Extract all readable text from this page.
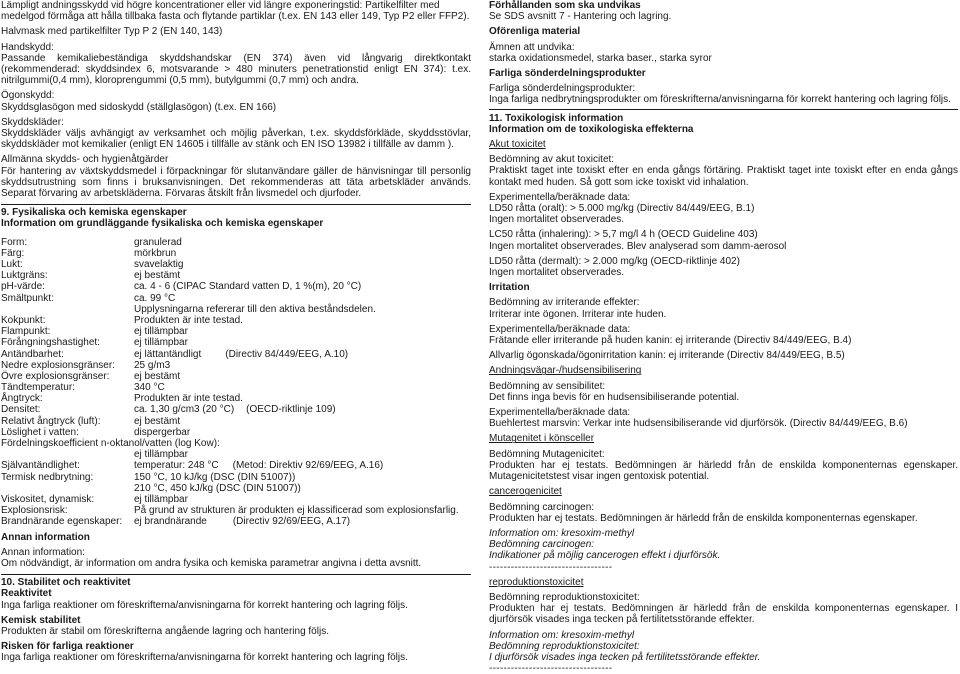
Lämpligt andningsskydd vid högre koncentrationer eller vid längre exponeringstid: Partikelfilter med
medelgod förmåga att hålla tillbaka fasta och flytande partiklar (t.ex. EN 143 eller 149, Typ P2 eller FFP2).

Halvmask med partikelfilter Typ P 2 (EN 140, 143)

Handskydd:

Passande kemikaliebeständiga skyddshandskar (EN 374) även vid långvarig direktkontakt (rekommenderad: skyddsindex 6, motsvarande > 480 minuters penetrationstid enligt EN 374): t.ex. nitrilgummi(0,4 mm), kloroprengummi (0,5 mm), butylgummi (0,7 mm) och andra.

Ögonskydd:

Skyddsglasögon med sidoskydd (ställglasögon) (t.ex. EN 166)

Skyddskläder:

Skyddskläder väljs avhängigt av verksamhet och möjlig påverkan, t.ex. skyddsförkläde, skyddsstövlar, skyddskläder mot kemikalier (enligt EN 14605 i tillfälle av stänk och EN ISO 13982 i tillfälle av damm ).

Allmänna skydds- och hygienåtgärder

För hantering av växtskyddsmedel i förpackningar för slutanvändare gäller de hänvisningar till personlig skyddsutrustning som finns i bruksanvisningen. Det rekommenderas att täta arbetskläder används. Separat förvaring av arbetskläderna. Förvaras åtskilt från livsmedel och djurfoder.

9. Fysikaliska och kemiska egenskaper

Information om grundläggande fysikaliska och kemiska egenskaper

Form:	granulerad
Färg:	mörkbrun
Lukt:	svavelaktig
Luktgräns:	ej bestämt
pH-värde:	ca. 4 - 6 (CIPAC Standard vatten D, 1 %(m), 20 °C)
Smältpunkt:	ca. 99 °C
Upplysningarna refererar till den aktiva beståndsdelen.
Kokpunkt:	Produkten är inte testad.
Flampunkt:	ej tillämpbar
Förångningshastighet:	ej tillämpbar
Antändbarhet:	ej lättantändligt (Directiv 84/449/EEG, A.10)
Nedre explosionsgränser:	25 g/m3
Övre explosionsgränser:	ej bestämt
Tändtemperatur:	340 °C
Ångtryck:	Produkten är inte testad.
Densitet:	ca. 1,30 g/cm3 (20 °C) (OECD-riktlinje 109)
Relativt ångtryck (luft):	ej bestämt
Löslighet i vatten:	dispergerbar
Fördelningskoefficient n-oktanol/vatten (log Kow):
ej tillämpbar
Självantändlighet:	temperatur: 248 °C (Metod: Direktiv 92/69/EEG, A.16)
Termisk nedbrytning:	150 °C, 10 kJ/kg (DSC (DIN 51007))
210 °C, 450 kJ/kg (DSC (DIN 51007))
Viskositet, dynamisk:	ej tillämpbar
Explosionsrisk:	På grund av strukturen är produkten ej klassificerad som explosionsfarlig.
Brandnärande egenskaper:	ej brandnärande	(Directiv 92/69/EEG, A.17)

Annan information

Annan information:

Om nödvändigt, är information om andra fysika och kemiska parametrar angivna i detta avsnitt.

10. Stabilitet och reaktivitet

Reaktivitet

Inga farliga reaktioner om föreskrifterna/anvisningarna för korrekt hantering och lagring följs.

Kemisk stabilitet

Produkten är stabil om föreskrifterna angående lagring och hantering följs.

Risken för farliga reaktioner

Inga farliga reaktioner om föreskrifterna/anvisningarna för korrekt hantering och lagring följs.

Förhållanden som ska undvikas

Se SDS avsnitt 7 - Hantering och lagring.

Oförenliga material

Ämnen att undvika:

starka oxidationsmedel, starka baser., starka syror

Farliga sönderdelningsprodukter

Farliga sönderdelningsprodukter:

Inga farliga nedbrytningsprodukter om föreskrifterna/anvisningarna för korrekt hantering och lagring följs.

11. Toxikologisk information

Information om de toxikologiska effekterna

Akut toxicitet

Bedömning av akut toxicitet:

Praktiskt taget inte toxiskt efter en enda gångs förtäring. Praktiskt taget inte toxiskt efter en enda gångs kontakt med huden. Så gott som icke toxiskt vid inhalation.

Experimentella/beräknade data:

LD50 råtta (oralt): > 5.000 mg/kg (Directiv 84/449/EEG, B.1)

Ingen mortalitet observerades.

LC50 råtta (inhalering): > 5,7 mg/l 4 h (OECD Guideline 403)

Ingen mortalitet observerades. Blev analyserad som damm-aerosol

LD50 råtta (dermalt): > 2.000 mg/kg (OECD-riktlinje 402)

Ingen mortalitet observerades.

Irritation

Bedömning av irriterande effekter:

Irriterar inte ögonen. Irriterar inte huden.

Experimentella/beräknade data:

Frätande eller irriterande på huden kanin: ej irriterande (Directiv 84/449/EEG, B.4)

Allvarlig ögonskada/ögonirritation kanin: ej irriterande (Directiv 84/449/EEG, B.5)

Andningsvägar-/hudsensibilisering

Bedömning av sensibilitet:

Det finns inga bevis för en hudsensibiliserande potential.

Experimentella/beräknade data:

Buehlertest marsvin: Verkar inte hudsensibiliserande vid djurförsök. (Directiv 84/449/EEG, B.6)

Mutagenitet i könsceller

Bedömning Mutagenicitet:

Produkten har ej testats. Bedömningen är härledd från de enskilda komponenternas egenskaper. Mutagenicitetstest visar ingen gentoxisk potential.

cancerogenicitet

Bedömning carcinogen:

Produkten har ej testats. Bedömningen är härledd från de enskilda komponenternas egenskaper.

Information om: kresoxim-methyl

Bedömning carcinogen:

Indikationer på möjlig cancerogen effekt i djurförsök.

----------------------------------

reproduktionstoxicitet

Bedömning reproduktionstoxicitet:

Produkten har ej testats. Bedömningen är härledd från de enskilda komponenternas egenskaper. I djurförsök visades inga tecken på fertilitetsstörande effekter.

Information om: kresoxim-methyl

Bedömning reproduktionstoxicitet:

I djurförsök visades inga tecken på fertilitetsstörande effekter.

----------------------------------
